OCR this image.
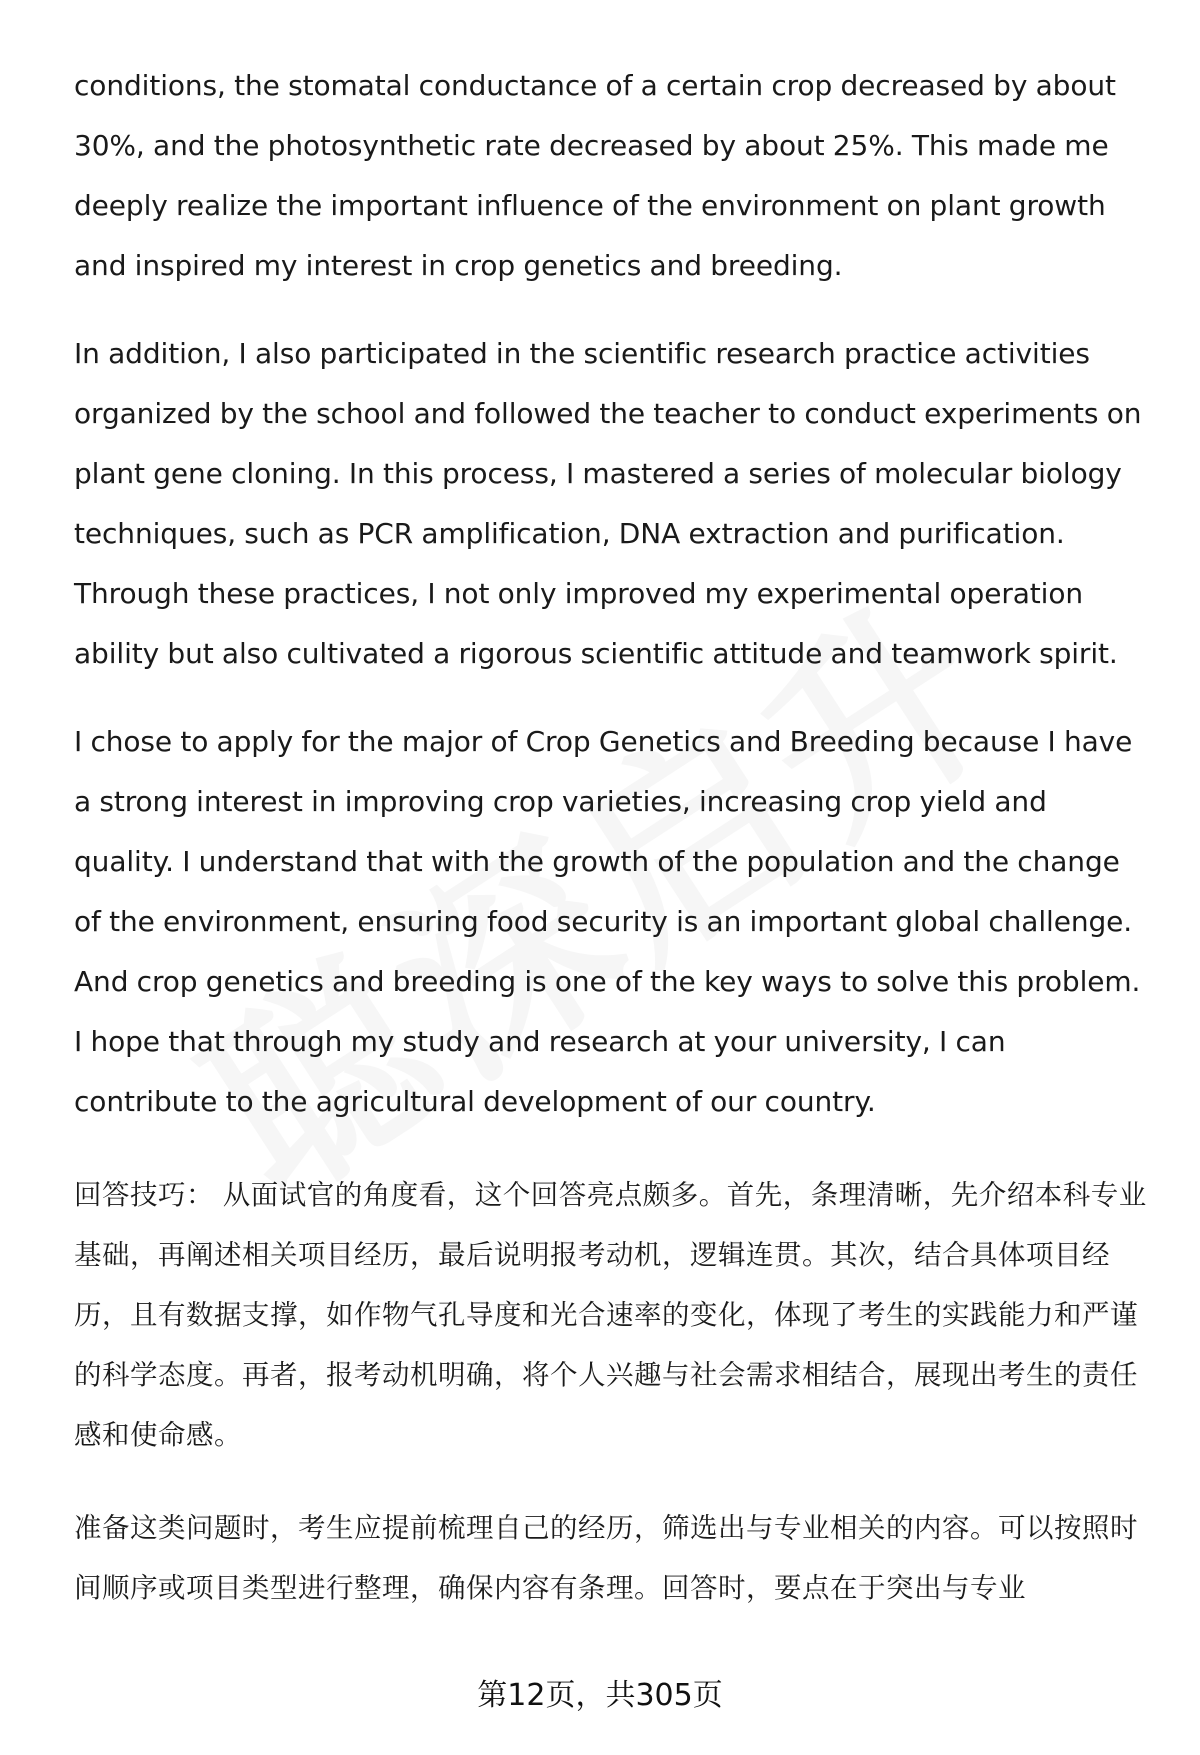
conditions, the stomatal conductance of a certain crop decreased by about 30%, and the photosynthetic rate decreased by about 25%. This made me deeply realize the important influence of the environment on plant growth and inspired my interest in crop genetics and breeding.

In addition, I also participated in the scientific research practice activities organized by the school and followed the teacher to conduct experiments on plant gene cloning. In this process, I mastered a series of molecular biology techniques, such as PCR amplification, DNA extraction and purification. Through these practices, I not only improved my experimental operation ability but also cultivated a rigorous scientific attitude and teamwork spirit.

I chose to apply for the major of Crop Genetics and Breeding because I have a strong interest in improving crop varieties, increasing crop yield and quality. I understand that with the growth of the population and the change of the environment, ensuring food security is an important global challenge. And crop genetics and breeding is one of the key ways to solve this problem. I hope that through my study and research at your university, I can contribute to the agricultural development of our country.

回答技巧： 从面试官的角度看，这个回答亮点颇多。首先，条理清晰，先介绍本科专业基础，再阐述相关项目经历，最后说明报考动机，逻辑连贯。其次，结合具体项目经历，且有数据支撑，如作物气孔导度和光合速率的变化，体现了考生的实践能力和严谨的科学态度。再者，报考动机明确，将个人兴趣与社会需求相结合，展现出考生的责任感和使命感。

准备这类问题时，考生应提前梳理自己的经历，筛选出与专业相关的内容。可以按照时间顺序或项目类型进行整理，确保内容有条理。回答时，要点在于突出与专业

第12页，共305页
